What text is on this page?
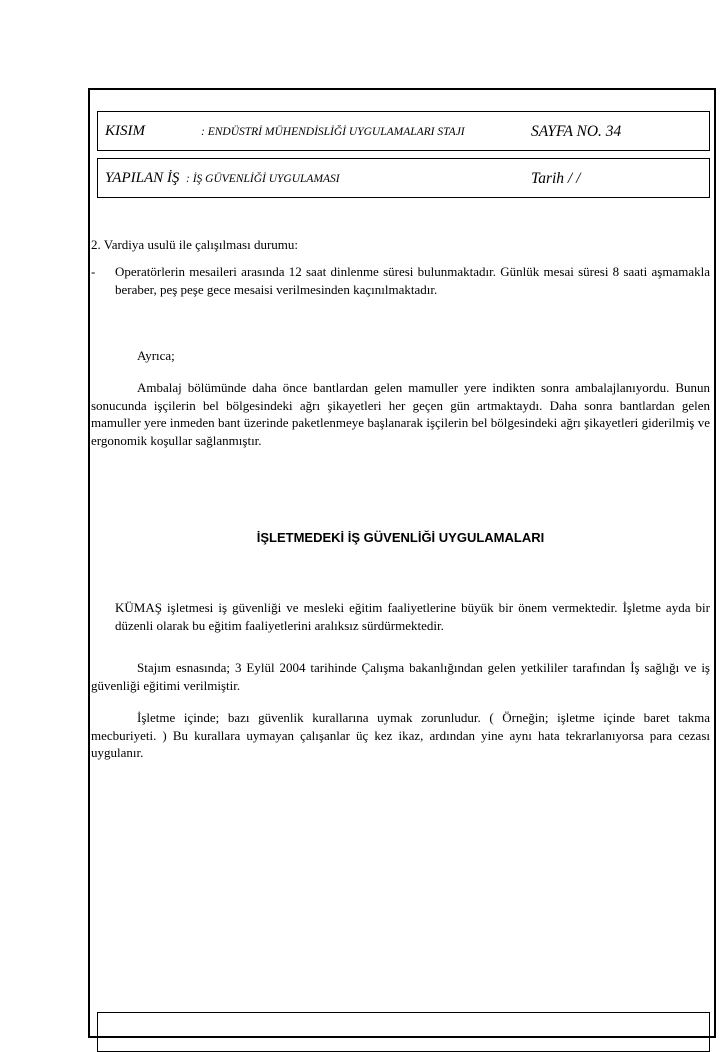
KISIM	: ENDÜSTRİ MÜHENDİSLİĞİ UYGULAMALARI STAJI	SAYFA NO. 34
YAPILAN İŞ : İŞ GÜVENLİĞİ UYGULAMASI	Tarih / /
2. Vardiya usulü ile çalışılması durumu:
- Operatörlerin mesaileri arasında 12 saat dinlenme süresi bulunmaktadır. Günlük mesai süresi 8 saati aşmamakla beraber, peş peşe gece mesaisi verilmesinden kaçınılmaktadır.
Ayrıca;
Ambalaj bölümünde daha önce bantlardan gelen mamuller yere indikten sonra ambalajlanıyordu. Bunun sonucunda işçilerin bel bölgesindeki ağrı şikayetleri her geçen gün artmaktaydı. Daha sonra bantlardan gelen mamuller yere inmeden bant üzerinde paketlenmeye başlanarak işçilerin bel bölgesindeki ağrı şikayetleri giderilmiş ve ergonomik koşullar sağlanmıştır.
İŞLETMEDEKİ İŞ GÜVENLİĞİ UYGULAMALARI
KÜMAŞ işletmesi iş güvenliği ve mesleki eğitim faaliyetlerine büyük bir önem vermektedir. İşletme ayda bir düzenli olarak bu eğitim faaliyetlerini aralıksız sürdürmektedir.
Stajım esnasında; 3 Eylül 2004 tarihinde Çalışma bakanlığından gelen yetkililer tarafından İş sağlığı ve iş güvenliği eğitimi verilmiştir.
İşletme içinde; bazı güvenlik kurallarına uymak zorunludur. ( Örneğin; işletme içinde baret takma mecburiyeti. ) Bu kurallara uymayan çalışanlar üç kez ikaz, ardından yine aynı hata tekrarlanıyorsa para cezası uygulanır.
